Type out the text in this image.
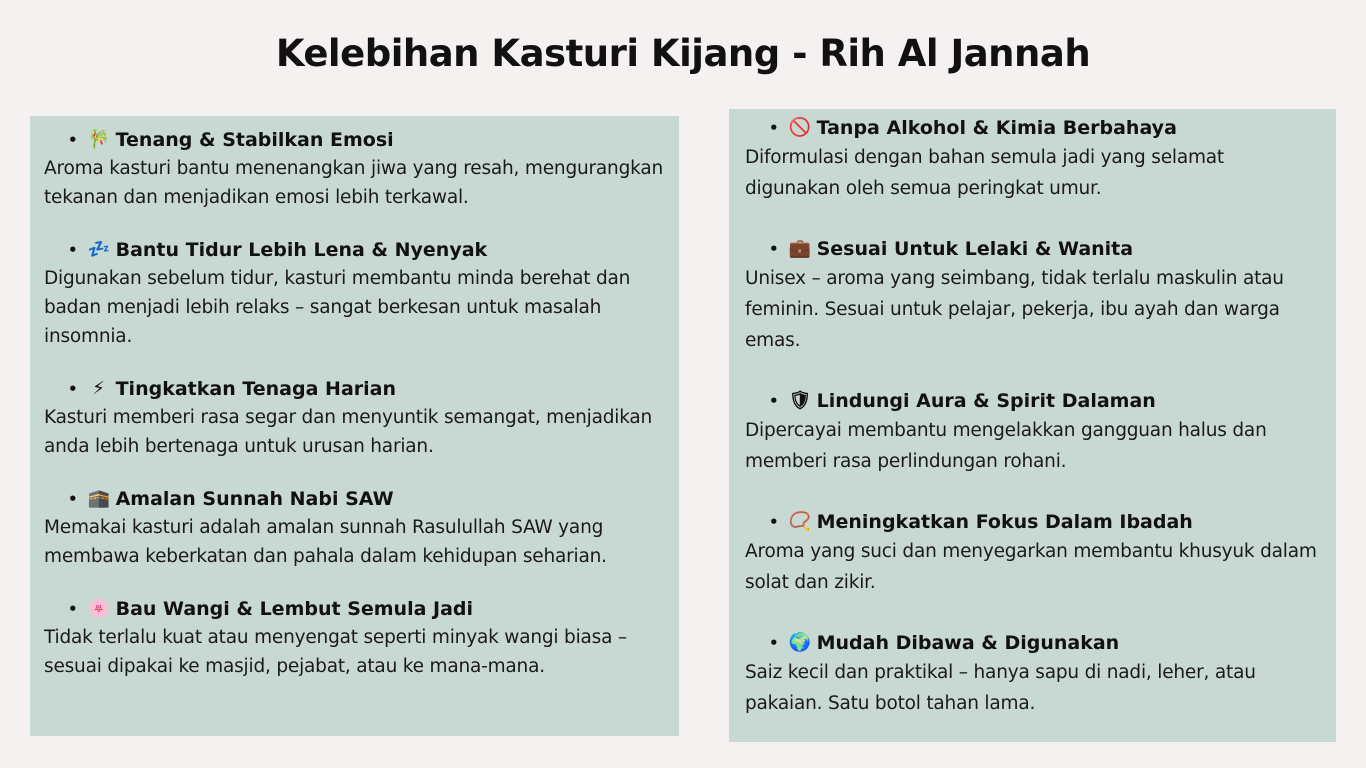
Kelebihan Kasturi Kijang - Rih Al Jannah
• 🎋 Tenang & Stabilkan Emosi
Aroma kasturi bantu menenangkan jiwa yang resah, mengurangkan tekanan dan menjadikan emosi lebih terkawal.
• 💤 Bantu Tidur Lebih Lena & Nyenyak
Digunakan sebelum tidur, kasturi membantu minda berehat dan badan menjadi lebih relaks – sangat berkesan untuk masalah insomnia.
• ⚡ Tingkatkan Tenaga Harian
Kasturi memberi rasa segar dan menyuntik semangat, menjadikan anda lebih bertenaga untuk urusan harian.
• 🕋 Amalan Sunnah Nabi SAW
Memakai kasturi adalah amalan sunnah Rasulullah SAW yang membawa keberkatan dan pahala dalam kehidupan seharian.
• 🌸 Bau Wangi & Lembut Semula Jadi
Tidak terlalu kuat atau menyengat seperti minyak wangi biasa – sesuai dipakai ke masjid, pejabat, atau ke mana-mana.
• 🚫 Tanpa Alkohol & Kimia Berbahaya
Diformulasi dengan bahan semula jadi yang selamat digunakan oleh semua peringkat umur.
• 💼 Sesuai Untuk Lelaki & Wanita
Unisex – aroma yang seimbang, tidak terlalu maskulin atau feminin. Sesuai untuk pelajar, pekerja, ibu ayah dan warga emas.
• 🛡 Lindungi Aura & Spirit Dalaman
Dipercayai membantu mengelakkan gangguan halus dan memberi rasa perlindungan rohani.
• 📿 Meningkatkan Fokus Dalam Ibadah
Aroma yang suci dan menyegarkan membantu khusyuk dalam solat dan zikir.
• 🌍 Mudah Dibawa & Digunakan
Saiz kecil dan praktikal – hanya sapu di nadi, leher, atau pakaian. Satu botol tahan lama.
